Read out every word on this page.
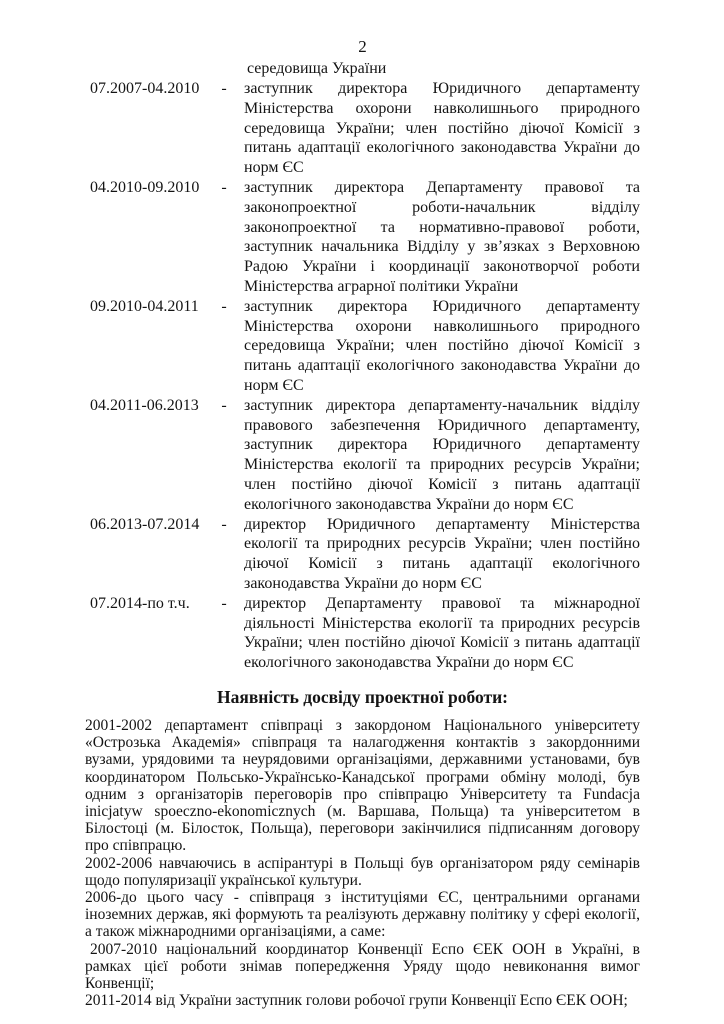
2
середовища України
07.2007-04.2010	-	заступник директора Юридичного департаменту Міністерства охорони навколишнього природного середовища України; член постійно діючої Комісії з питань адаптації екологічного законодавства України до норм ЄС
04.2010-09.2010	-	заступник директора Департаменту правової та законопроектної роботи-начальник відділу законопроектної та нормативно-правової роботи, заступник начальника Відділу у зв’язках з Верховною Радою України і координації законотворчої роботи Міністерства аграрної політики України
09.2010-04.2011	-	заступник директора Юридичного департаменту Міністерства охорони навколишнього природного середовища України; член постійно діючої Комісії з питань адаптації екологічного законодавства України до норм ЄС
04.2011-06.2013	-	заступник директора департаменту-начальник відділу правового забезпечення Юридичного департаменту, заступник директора Юридичного департаменту Міністерства екології та природних ресурсів України; член постійно діючої Комісії з питань адаптації екологічного законодавства України до норм ЄС
06.2013-07.2014	-	директор Юридичного департаменту Міністерства екології та природних ресурсів України; член постійно діючої Комісії з питань адаптації екологічного законодавства України до норм ЄС
07.2014-по т.ч.	-	директор Департаменту правової та міжнародної діяльності Міністерства екології та природних ресурсів України; член постійно діючої Комісії з питань адаптації екологічного законодавства України до норм ЄС
Наявність досвіду проектної роботи:

2001-2002 департамент співпраці з закордоном Національного університету «Острозька Академія» співпраця та налагодження контактів з закордонними вузами, урядовими та неурядовими організаціями, державними установами, був координатором Польсько-Українсько-Канадської програми обміну молоді, був одним з організаторів переговорів про співпрацю Університету та Fundacja inicjatyw spoeczno-ekonomicznych (м. Варшава, Польща) та університетом в Білостоці (м. Білосток, Польща), переговори закінчилися підписанням договору про співпрацю.

2002-2006 навчаючись в аспірантурі в Польщі був організатором ряду семінарів щодо популяризації української культури.

2006-до цього часу - співпраця з інституціями ЄС, центральними органами іноземних держав, які формують та реалізують державну політику у сфері екології, а також міжнародними організаціями, а саме:

2007-2010 національний координатор Конвенції Еспо ЄЕК ООН в Україні, в рамках цієї роботи знімав попередження Уряду щодо невиконання вимог Конвенції;

2011-2014 від України заступник голови робочої групи Конвенції Еспо ЄЕК ООН;
